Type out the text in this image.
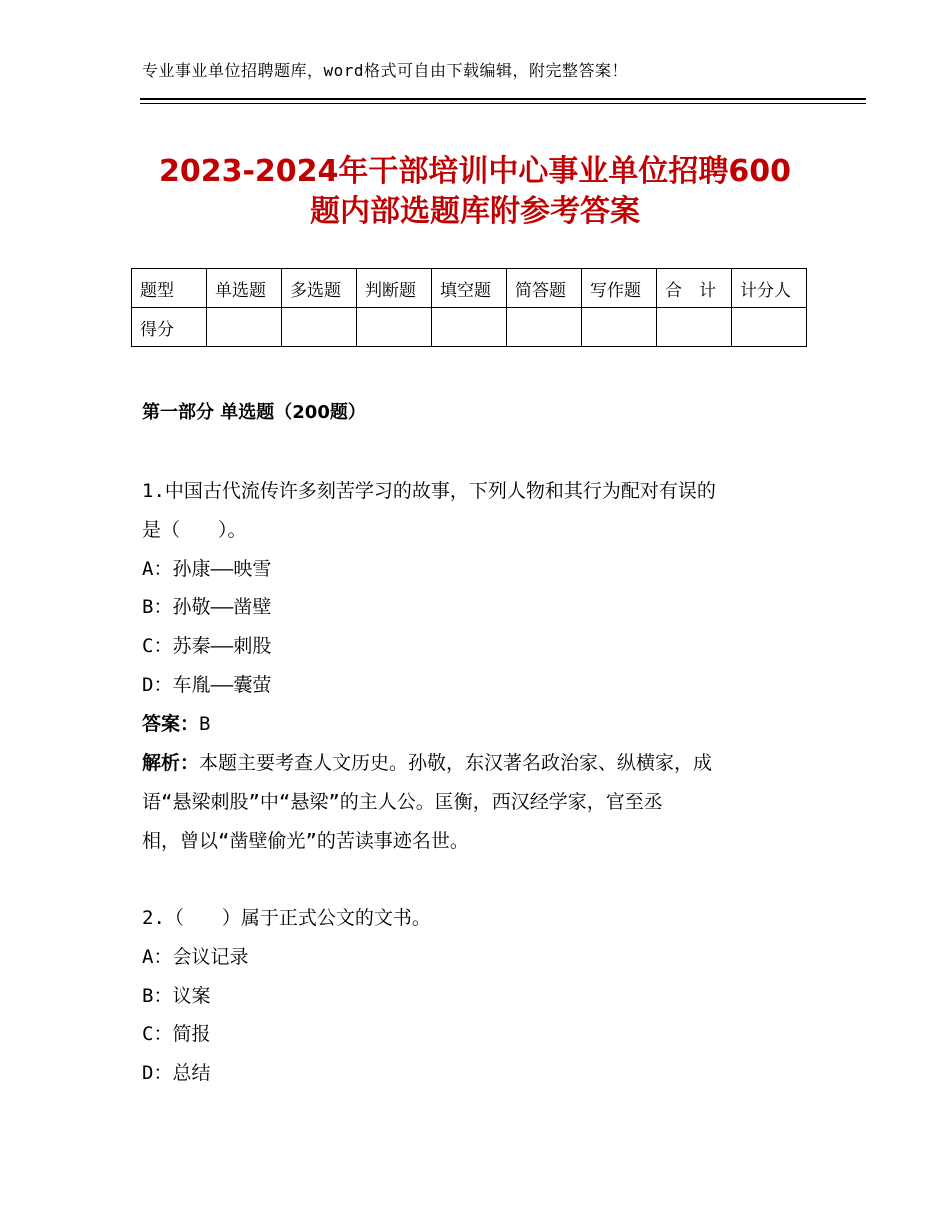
专业事业单位招聘题库，word格式可自由下载编辑，附完整答案！
2023-2024年干部培训中心事业单位招聘600
题内部选题库附参考答案
题型	单选题	多选题	判断题	填空题	简答题	写作题	合　计	计分人
得分								
第一部分 单选题（200题）
1.中国古代流传许多刻苦学习的故事，下列人物和其行为配对有误的
是（　　）。
A：孙康——映雪
B：孙敬——凿壁
C：苏秦——刺股
D：车胤——囊萤
答案：B
解析：本题主要考查人文历史。孙敬，东汉著名政治家、纵横家，成
语“悬梁刺股”中“悬梁”的主人公。匡衡，西汉经学家，官至丞
相，曾以“凿壁偷光”的苦读事迹名世。
2.（　　）属于正式公文的文书。
A：会议记录
B：议案
C：简报
D：总结
